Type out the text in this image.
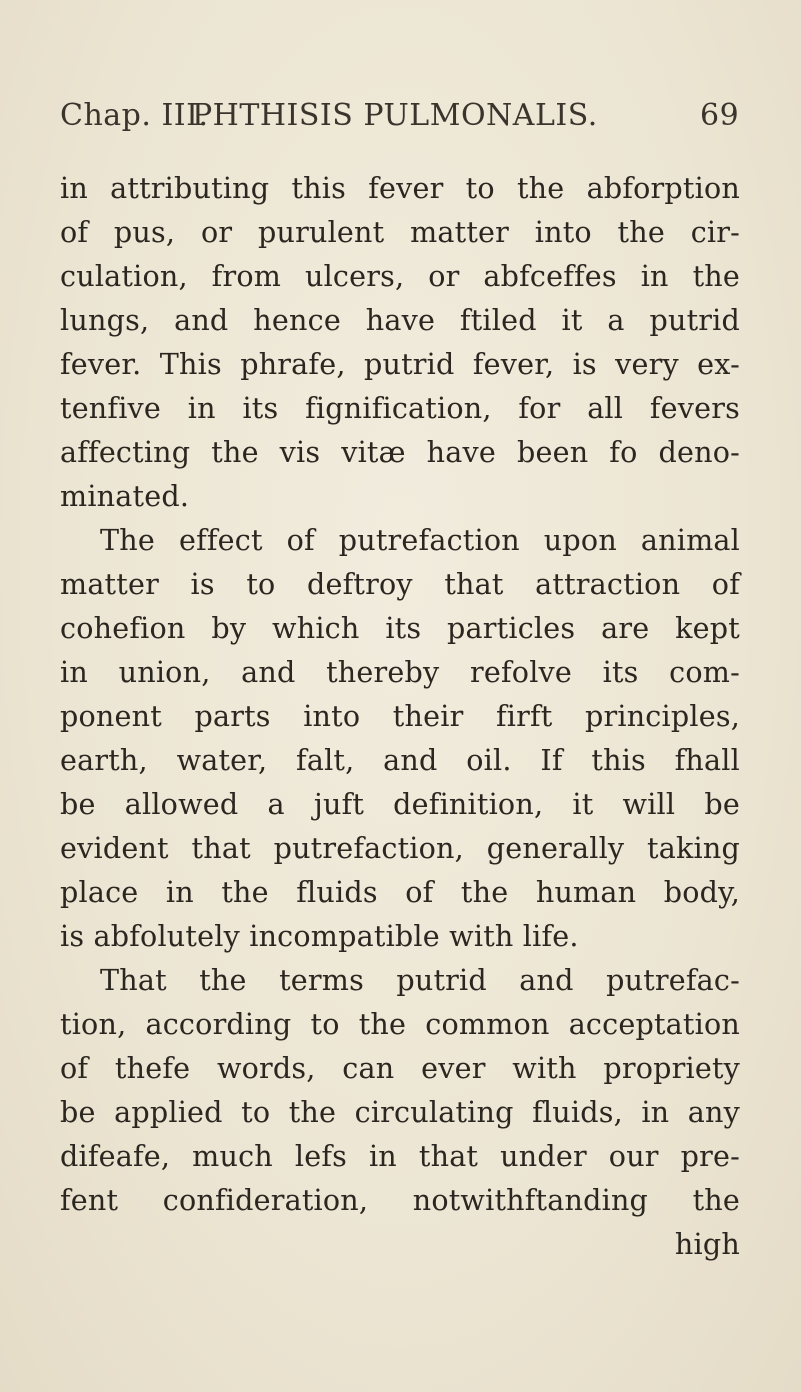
Chap. III.
PHTHISIS PULMONALIS.	69
in attributing this fever to the abforption
of pus, or purulent matter into the cir-
culation, from ulcers, or abfceffes in the
lungs, and hence have ftiled it a putrid
fever. This phrafe, putrid fever, is very ex-
tenfive in its fignification, for all fevers
affecting the vis vitæ have been fo deno-
minated.
The effect of putrefaction upon animal
matter is to deftroy that attraction of
cohefion by which its particles are kept
in union, and thereby refolve its com-
ponent parts into their firft principles,
earth, water, falt, and oil. If this fhall
be allowed a juft definition, it will be
evident that putrefaction, generally taking
place in the fluids of the human body,
is abfolutely incompatible with life.
That the terms putrid and putrefac-
tion, according to the common acceptation
of thefe words, can ever with propriety
be applied to the circulating fluids, in any
difeafe, much lefs in that under our pre-
fent confideration, notwithftanding the
high
